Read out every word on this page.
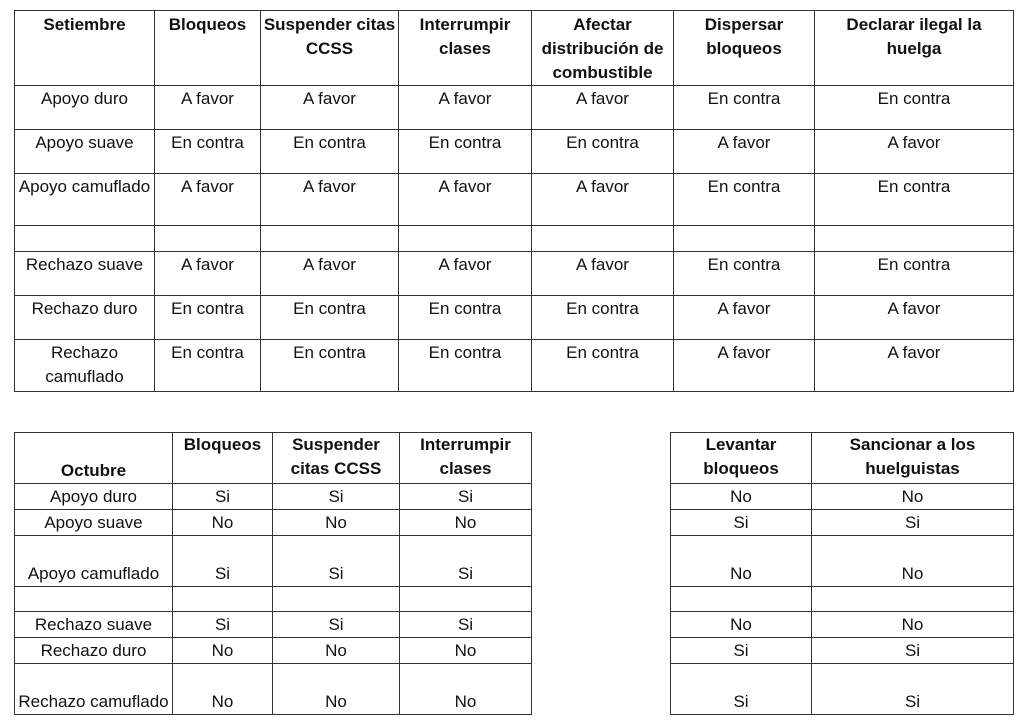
Setiembre	Bloqueos	Suspender citas CCSS	Interrumpir clases	Afectar distribución de combustible	Dispersar bloqueos	Declarar ilegal la huelga
Apoyo duro	A favor	A favor	A favor	A favor	En contra	En contra
Apoyo suave	En contra	En contra	En contra	En contra	A favor	A favor
Apoyo camuflado	A favor	A favor	A favor	A favor	En contra	En contra

Rechazo suave	A favor	A favor	A favor	A favor	En contra	En contra
Rechazo duro	En contra	En contra	En contra	En contra	A favor	A favor
Rechazo camuflado	En contra	En contra	En contra	En contra	A favor	A favor
Octubre	Bloqueos	Suspender citas CCSS	Interrumpir clases
Apoyo duro	Si	Si	Si
Apoyo suave	No	No	No
Apoyo camuflado	Si	Si	Si

Rechazo suave	Si	Si	Si
Rechazo duro	No	No	No
Rechazo camuflado	No	No	No
Levantar bloqueos	Sancionar a los huelguistas
No	No
Si	Si
No	No

No	No
Si	Si
Si	Si
